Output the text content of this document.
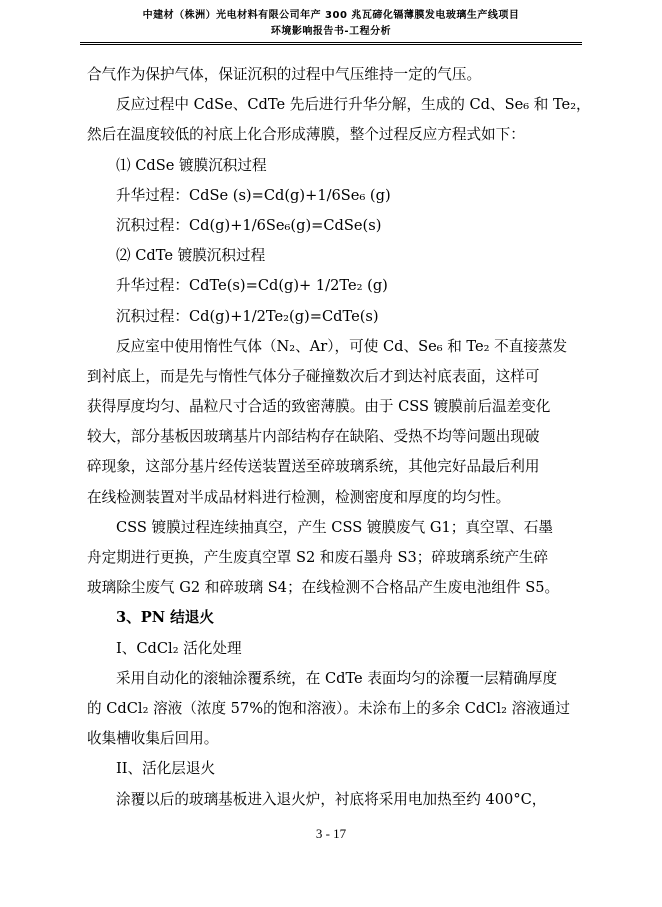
中建材（株洲）光电材料有限公司年产 300 兆瓦碲化镉薄膜发电玻璃生产线项目
环境影响报告书-工程分析
合气作为保护气体，保证沉积的过程中气压维持一定的气压。
反应过程中 CdSe、CdTe 先后进行升华分解，生成的 Cd、Se₆ 和 Te₂，
然后在温度较低的衬底上化合形成薄膜，整个过程反应方程式如下：
⑴ CdSe 镀膜沉积过程
升华过程：CdSe (s)=Cd(g)+1/6Se₆ (g)
沉积过程：Cd(g)+1/6Se₆(g)=CdSe(s)
⑵ CdTe 镀膜沉积过程
升华过程：CdTe(s)=Cd(g)+ 1/2Te₂ (g)
沉积过程：Cd(g)+1/2Te₂(g)=CdTe(s)
反应室中使用惰性气体（N₂、Ar），可使 Cd、Se₆ 和 Te₂ 不直接蒸发
到衬底上，而是先与惰性气体分子碰撞数次后才到达衬底表面，这样可
获得厚度均匀、晶粒尺寸合适的致密薄膜。由于 CSS 镀膜前后温差变化
较大，部分基板因玻璃基片内部结构存在缺陷、受热不均等问题出现破
碎现象，这部分基片经传送装置送至碎玻璃系统，其他完好品最后利用
在线检测装置对半成品材料进行检测，检测密度和厚度的均匀性。
CSS 镀膜过程连续抽真空，产生 CSS 镀膜废气 G1；真空罩、石墨
舟定期进行更换，产生废真空罩 S2 和废石墨舟 S3；碎玻璃系统产生碎
玻璃除尘废气 G2 和碎玻璃 S4；在线检测不合格品产生废电池组件 S5。
3、PN 结退火
I、CdCl₂ 活化处理
采用自动化的滚轴涂覆系统，在 CdTe 表面均匀的涂覆一层精确厚度
的 CdCl₂ 溶液（浓度 57%的饱和溶液）。未涂布上的多余 CdCl₂ 溶液通过
收集槽收集后回用。
II、活化层退火
涂覆以后的玻璃基板进入退火炉，衬底将采用电加热至约 400°C，
3 - 17
